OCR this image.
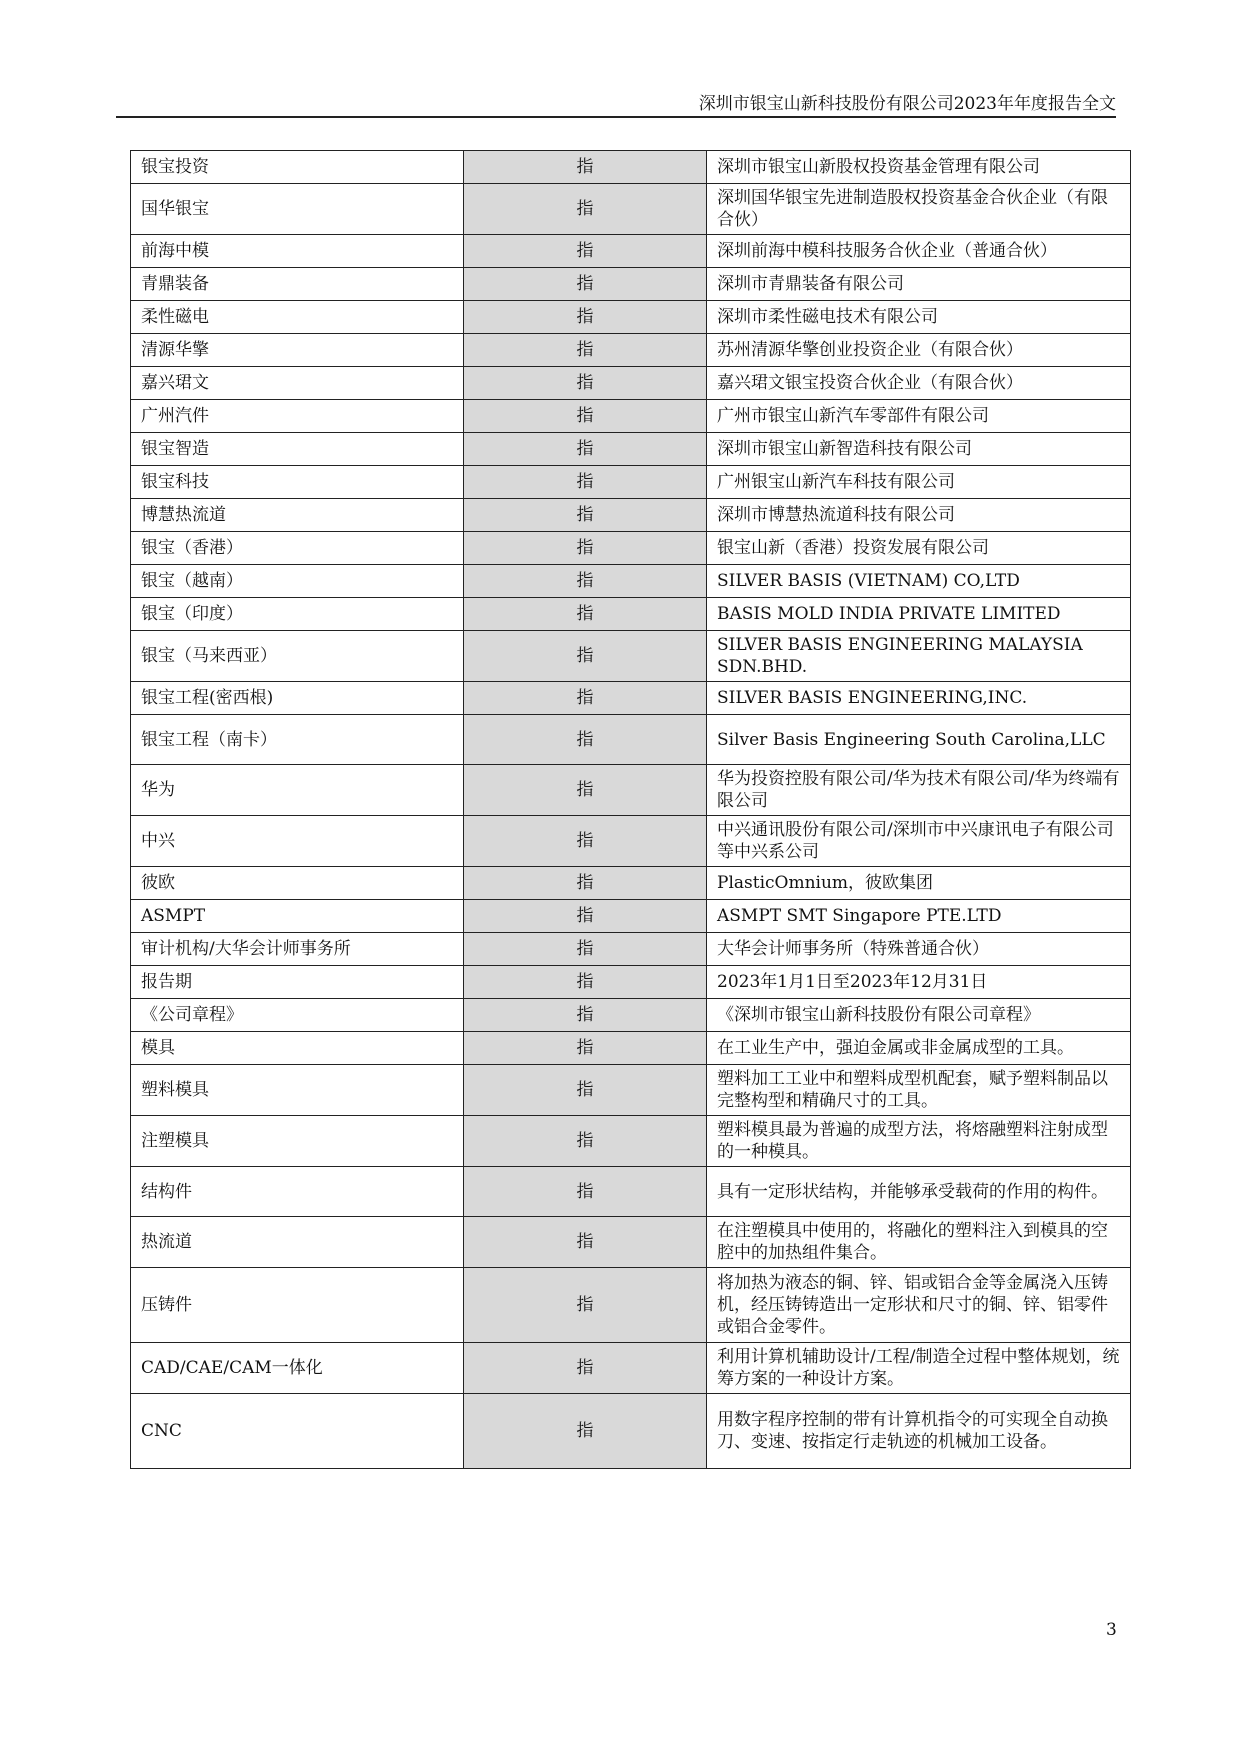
深圳市银宝山新科技股份有限公司2023年年度报告全文
银宝投资	指	深圳市银宝山新股权投资基金管理有限公司
国华银宝	指	深圳国华银宝先进制造股权投资基金合伙企业（有限合伙）
前海中模	指	深圳前海中模科技服务合伙企业（普通合伙）
青鼎装备	指	深圳市青鼎装备有限公司
柔性磁电	指	深圳市柔性磁电技术有限公司
清源华擎	指	苏州清源华擎创业投资企业（有限合伙）
嘉兴珺文	指	嘉兴珺文银宝投资合伙企业（有限合伙）
广州汽件	指	广州市银宝山新汽车零部件有限公司
银宝智造	指	深圳市银宝山新智造科技有限公司
银宝科技	指	广州银宝山新汽车科技有限公司
博慧热流道	指	深圳市博慧热流道科技有限公司
银宝（香港）	指	银宝山新（香港）投资发展有限公司
银宝（越南）	指	SILVER BASIS (VIETNAM) CO,LTD
银宝（印度）	指	BASIS MOLD INDIA PRIVATE LIMITED
银宝（马来西亚）	指	SILVER BASIS ENGINEERING MALAYSIA SDN.BHD.
银宝工程(密西根)	指	SILVER BASIS ENGINEERING,INC.
银宝工程（南卡）	指	Silver Basis Engineering South Carolina,LLC
华为	指	华为投资控股有限公司/华为技术有限公司/华为终端有限公司
中兴	指	中兴通讯股份有限公司/深圳市中兴康讯电子有限公司等中兴系公司
彼欧	指	PlasticOmnium，彼欧集团
ASMPT	指	ASMPT SMT Singapore PTE.LTD
审计机构/大华会计师事务所	指	大华会计师事务所（特殊普通合伙）
报告期	指	2023年1月1日至2023年12月31日
《公司章程》	指	《深圳市银宝山新科技股份有限公司章程》
模具	指	在工业生产中，强迫金属或非金属成型的工具。
塑料模具	指	塑料加工工业中和塑料成型机配套，赋予塑料制品以完整构型和精确尺寸的工具。
注塑模具	指	塑料模具最为普遍的成型方法，将熔融塑料注射成型的一种模具。
结构件	指	具有一定形状结构，并能够承受载荷的作用的构件。
热流道	指	在注塑模具中使用的，将融化的塑料注入到模具的空腔中的加热组件集合。
压铸件	指	将加热为液态的铜、锌、铝或铝合金等金属浇入压铸机，经压铸铸造出一定形状和尺寸的铜、锌、铝零件或铝合金零件。
CAD/CAE/CAM一体化	指	利用计算机辅助设计/工程/制造全过程中整体规划，统筹方案的一种设计方案。
CNC	指	用数字程序控制的带有计算机指令的可实现全自动换刀、变速、按指定行走轨迹的机械加工设备。
3
